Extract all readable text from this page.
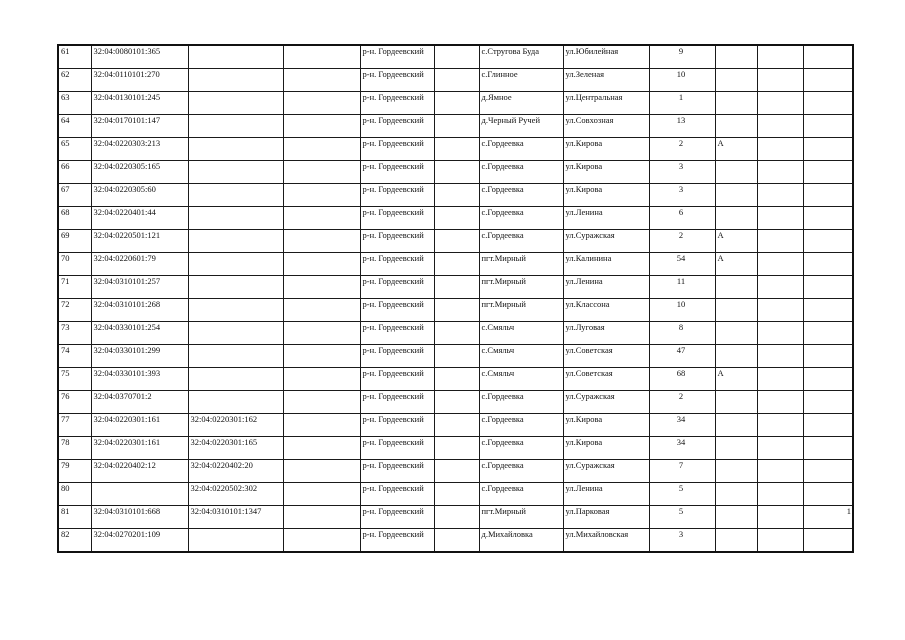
61	32:04:0080101:365			р-н. Гордеевский		с.Стругова Буда	ул.Юбилейная	9			
62	32:04:0110101:270			р-н. Гордеевский		с.Глинное	ул.Зеленая	10			
63	32:04:0130101:245			р-н. Гордеевский		д.Ямное	ул.Центральная	1			
64	32:04:0170101:147			р-н. Гордеевский		д.Черный Ручей	ул.Совхозная	13			
65	32:04:0220303:213			р-н. Гордеевский		с.Гордеевка	ул.Кирова	2	А		
66	32:04:0220305:165			р-н. Гордеевский		с.Гордеевка	ул.Кирова	3			
67	32:04:0220305:60			р-н. Гордеевский		с.Гордеевка	ул.Кирова	3			
68	32:04:0220401:44			р-н. Гордеевский		с.Гордеевка	ул.Ленина	6			
69	32:04:0220501:121			р-н. Гордеевский		с.Гордеевка	ул.Суражская	2	А		
70	32:04:0220601:79			р-н. Гордеевский		пгт.Мирный	ул.Калинина	54	А		
71	32:04:0310101:257			р-н. Гордеевский		пгт.Мирный	ул.Ленина	11			
72	32:04:0310101:268			р-н. Гордеевский		пгт.Мирный	ул.Классона	10			
73	32:04:0330101:254			р-н. Гордеевский		с.Смяльч	ул.Луговая	8			
74	32:04:0330101:299			р-н. Гордеевский		с.Смяльч	ул.Советская	47			
75	32:04:0330101:393			р-н. Гордеевский		с.Смяльч	ул.Советская	68	А		
76	32:04:0370701:2			р-н. Гордеевский		с.Гордеевка	ул.Суражская	2			
77	32:04:0220301:161	32:04:0220301:162		р-н. Гордеевский		с.Гордеевка	ул.Кирова	34			
78	32:04:0220301:161	32:04:0220301:165		р-н. Гордеевский		с.Гордеевка	ул.Кирова	34			
79	32:04:0220402:12	32:04:0220402:20		р-н. Гордеевский		с.Гордеевка	ул.Суражская	7			
80		32:04:0220502:302		р-н. Гордеевский		с.Гордеевка	ул.Ленина	5			
81	32:04:0310101:668	32:04:0310101:1347		р-н. Гордеевский		пгт.Мирный	ул.Парковая	5			1
82	32:04:0270201:109			р-н. Гордеевский		д.Михайловка	ул.Михайловская	3			
